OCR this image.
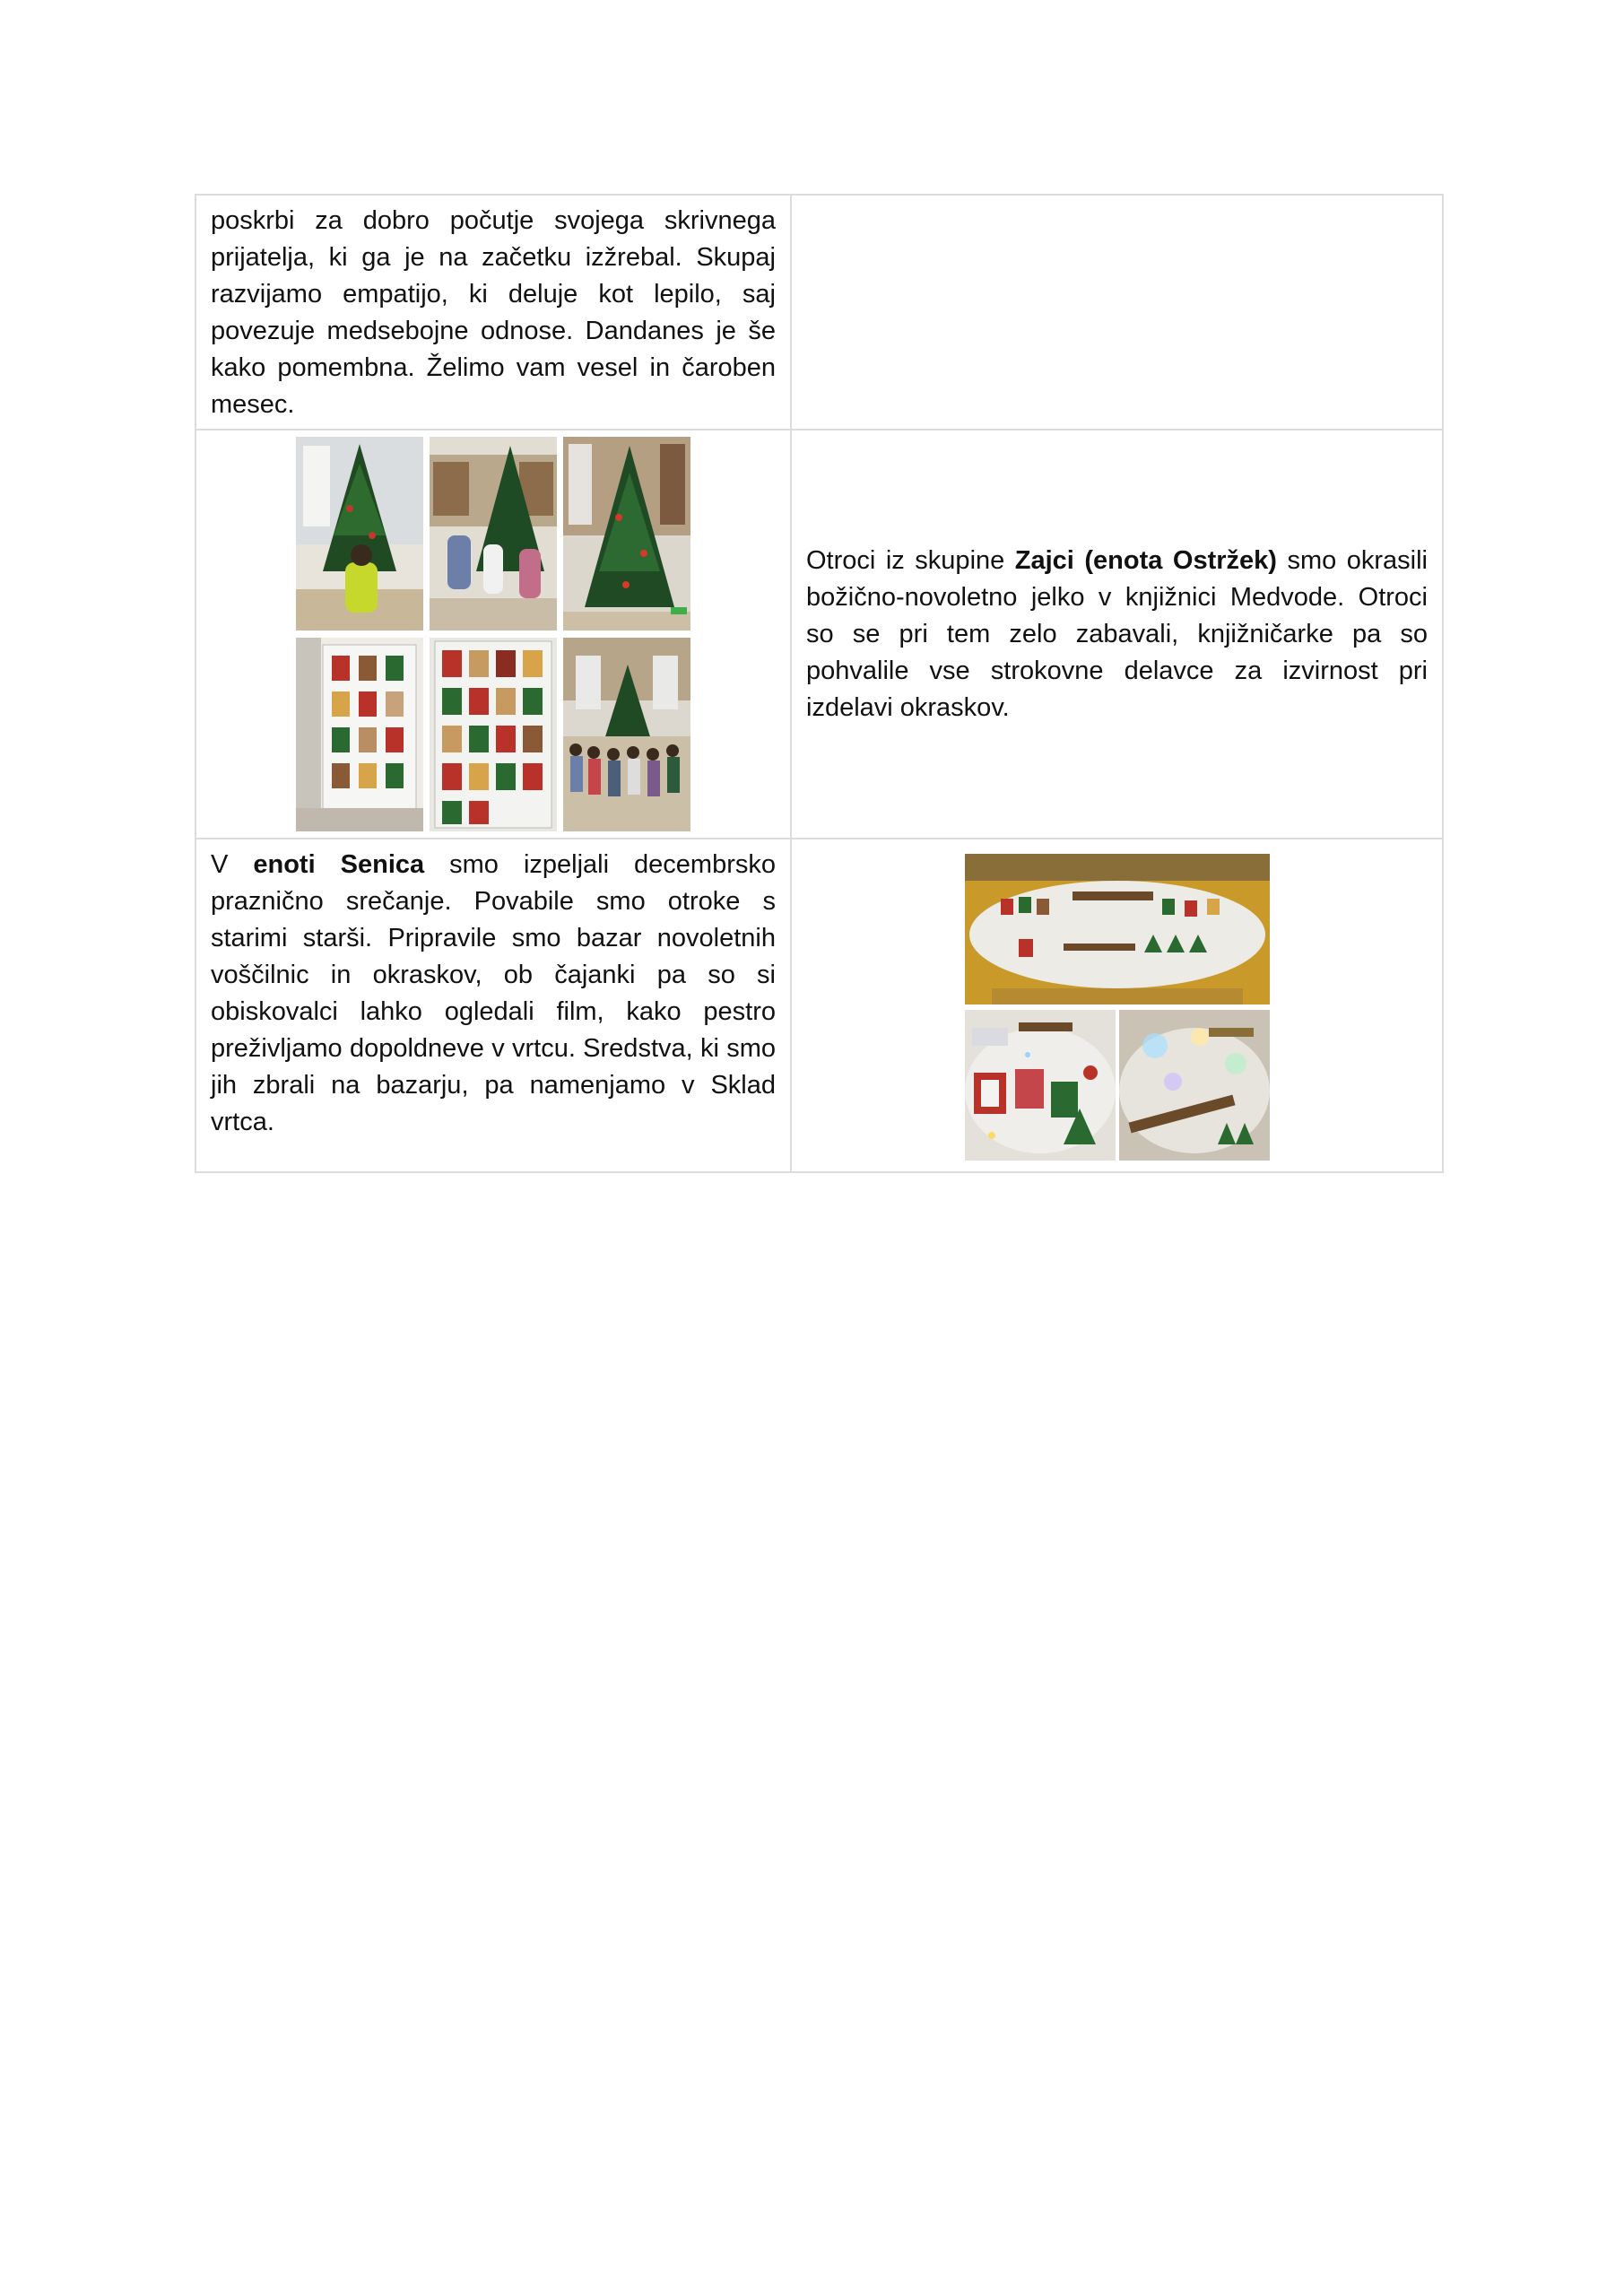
poskrbi za dobro počutje svojega skrivnega prijatelja, ki ga je na začetku izžrebal. Skupaj razvijamo empatijo, ki deluje kot lepilo, saj povezuje medsebojne odnose. Dandanes je še kako pomembna. Želimo vam vesel in čaroben mesec.	

Otroci iz skupine Zajci (enota Ostržek) smo okrasili božično-novoletno jelko v knjižnici Medvode. Otroci so se pri tem zelo zabavali, knjižničarke pa so pohvalile vse strokovne delavce za izvirnost pri izdelavi okraskov.

V enoti Senica smo izpeljali decembrsko praznično srečanje. Povabile smo otroke s starimi starši. Pripravile smo bazar novoletnih voščilnic in okraskov, ob čajanki pa so si obiskovalci lahko ogledali film, kako pestro preživljamo dopoldneve v vrtcu. Sredstva, ki smo jih zbrali na bazarju, pa namenjamo v Sklad vrtca.
